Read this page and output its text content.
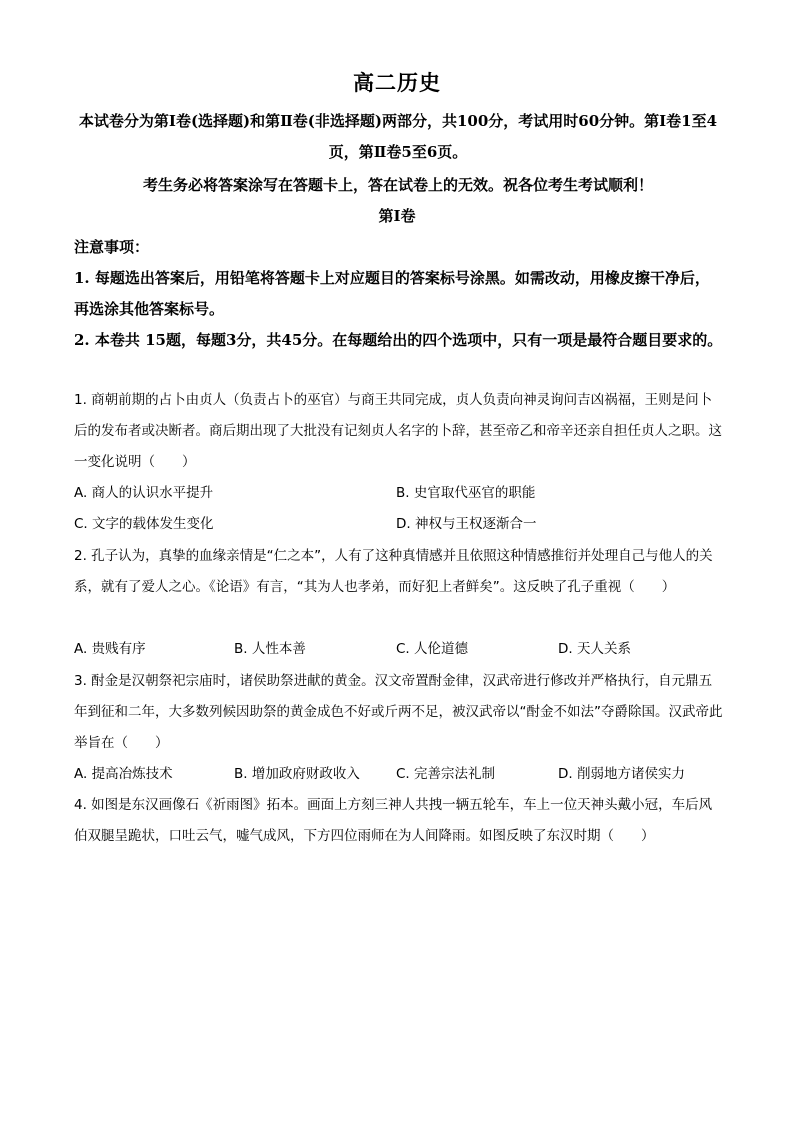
高二历史
本试卷分为第Ⅰ卷(选择题)和第Ⅱ卷(非选择题)两部分，共100分，考试用时60分钟。第Ⅰ卷1至4页，第Ⅱ卷5至6页。
考生务必将答案涂写在答题卡上，答在试卷上的无效。祝各位考生考试顺利！
第Ⅰ卷
注意事项：
1. 每题选出答案后，用铅笔将答题卡上对应题目的答案标号涂黑。如需改动，用橡皮擦干净后，再选涂其他答案标号。
2. 本卷共 15题，每题3分，共45分。在每题给出的四个选项中，只有一项是最符合题目要求的。
1. 商朝前期的占卜由贞人（负责占卜的巫官）与商王共同完成，贞人负责向神灵询问吉凶祸福，王则是问卜后的发布者或决断者。商后期出现了大批没有记刻贞人名字的卜辞，甚至帝乙和帝辛还亲自担任贞人之职。这一变化说明（　　）
A. 商人的认识水平提升	B. 史官取代巫官的职能
C. 文字的载体发生变化	D. 神权与王权逐渐合一
2. 孔子认为，真挚的血缘亲情是“仁之本”，人有了这种真情感并且依照这种情感推衍并处理自己与他人的关系，就有了爱人之心。《论语》有言，“其为人也孝弟，而好犯上者鲜矣”。这反映了孔子重视（　　）
A. 贵贱有序	B. 人性本善	C. 人伦道德	D. 天人关系
3. 酎金是汉朝祭祀宗庙时，诸侯助祭进献的黄金。汉文帝置酎金律，汉武帝进行修改并严格执行，自元鼎五年到征和二年，大多数列候因助祭的黄金成色不好或斤两不足，被汉武帝以“酎金不如法”夺爵除国。汉武帝此举旨在（　　）
A. 提高冶炼技术	B. 增加政府财政收入	C. 完善宗法礼制	D. 削弱地方诸侯实力
4. 如图是东汉画像石《祈雨图》拓本。画面上方刻三神人共拽一辆五轮车，车上一位天神头戴小冠，车后风伯双腿呈跪状，口吐云气，嘘气成风，下方四位雨师在为人间降雨。如图反映了东汉时期（　　）
